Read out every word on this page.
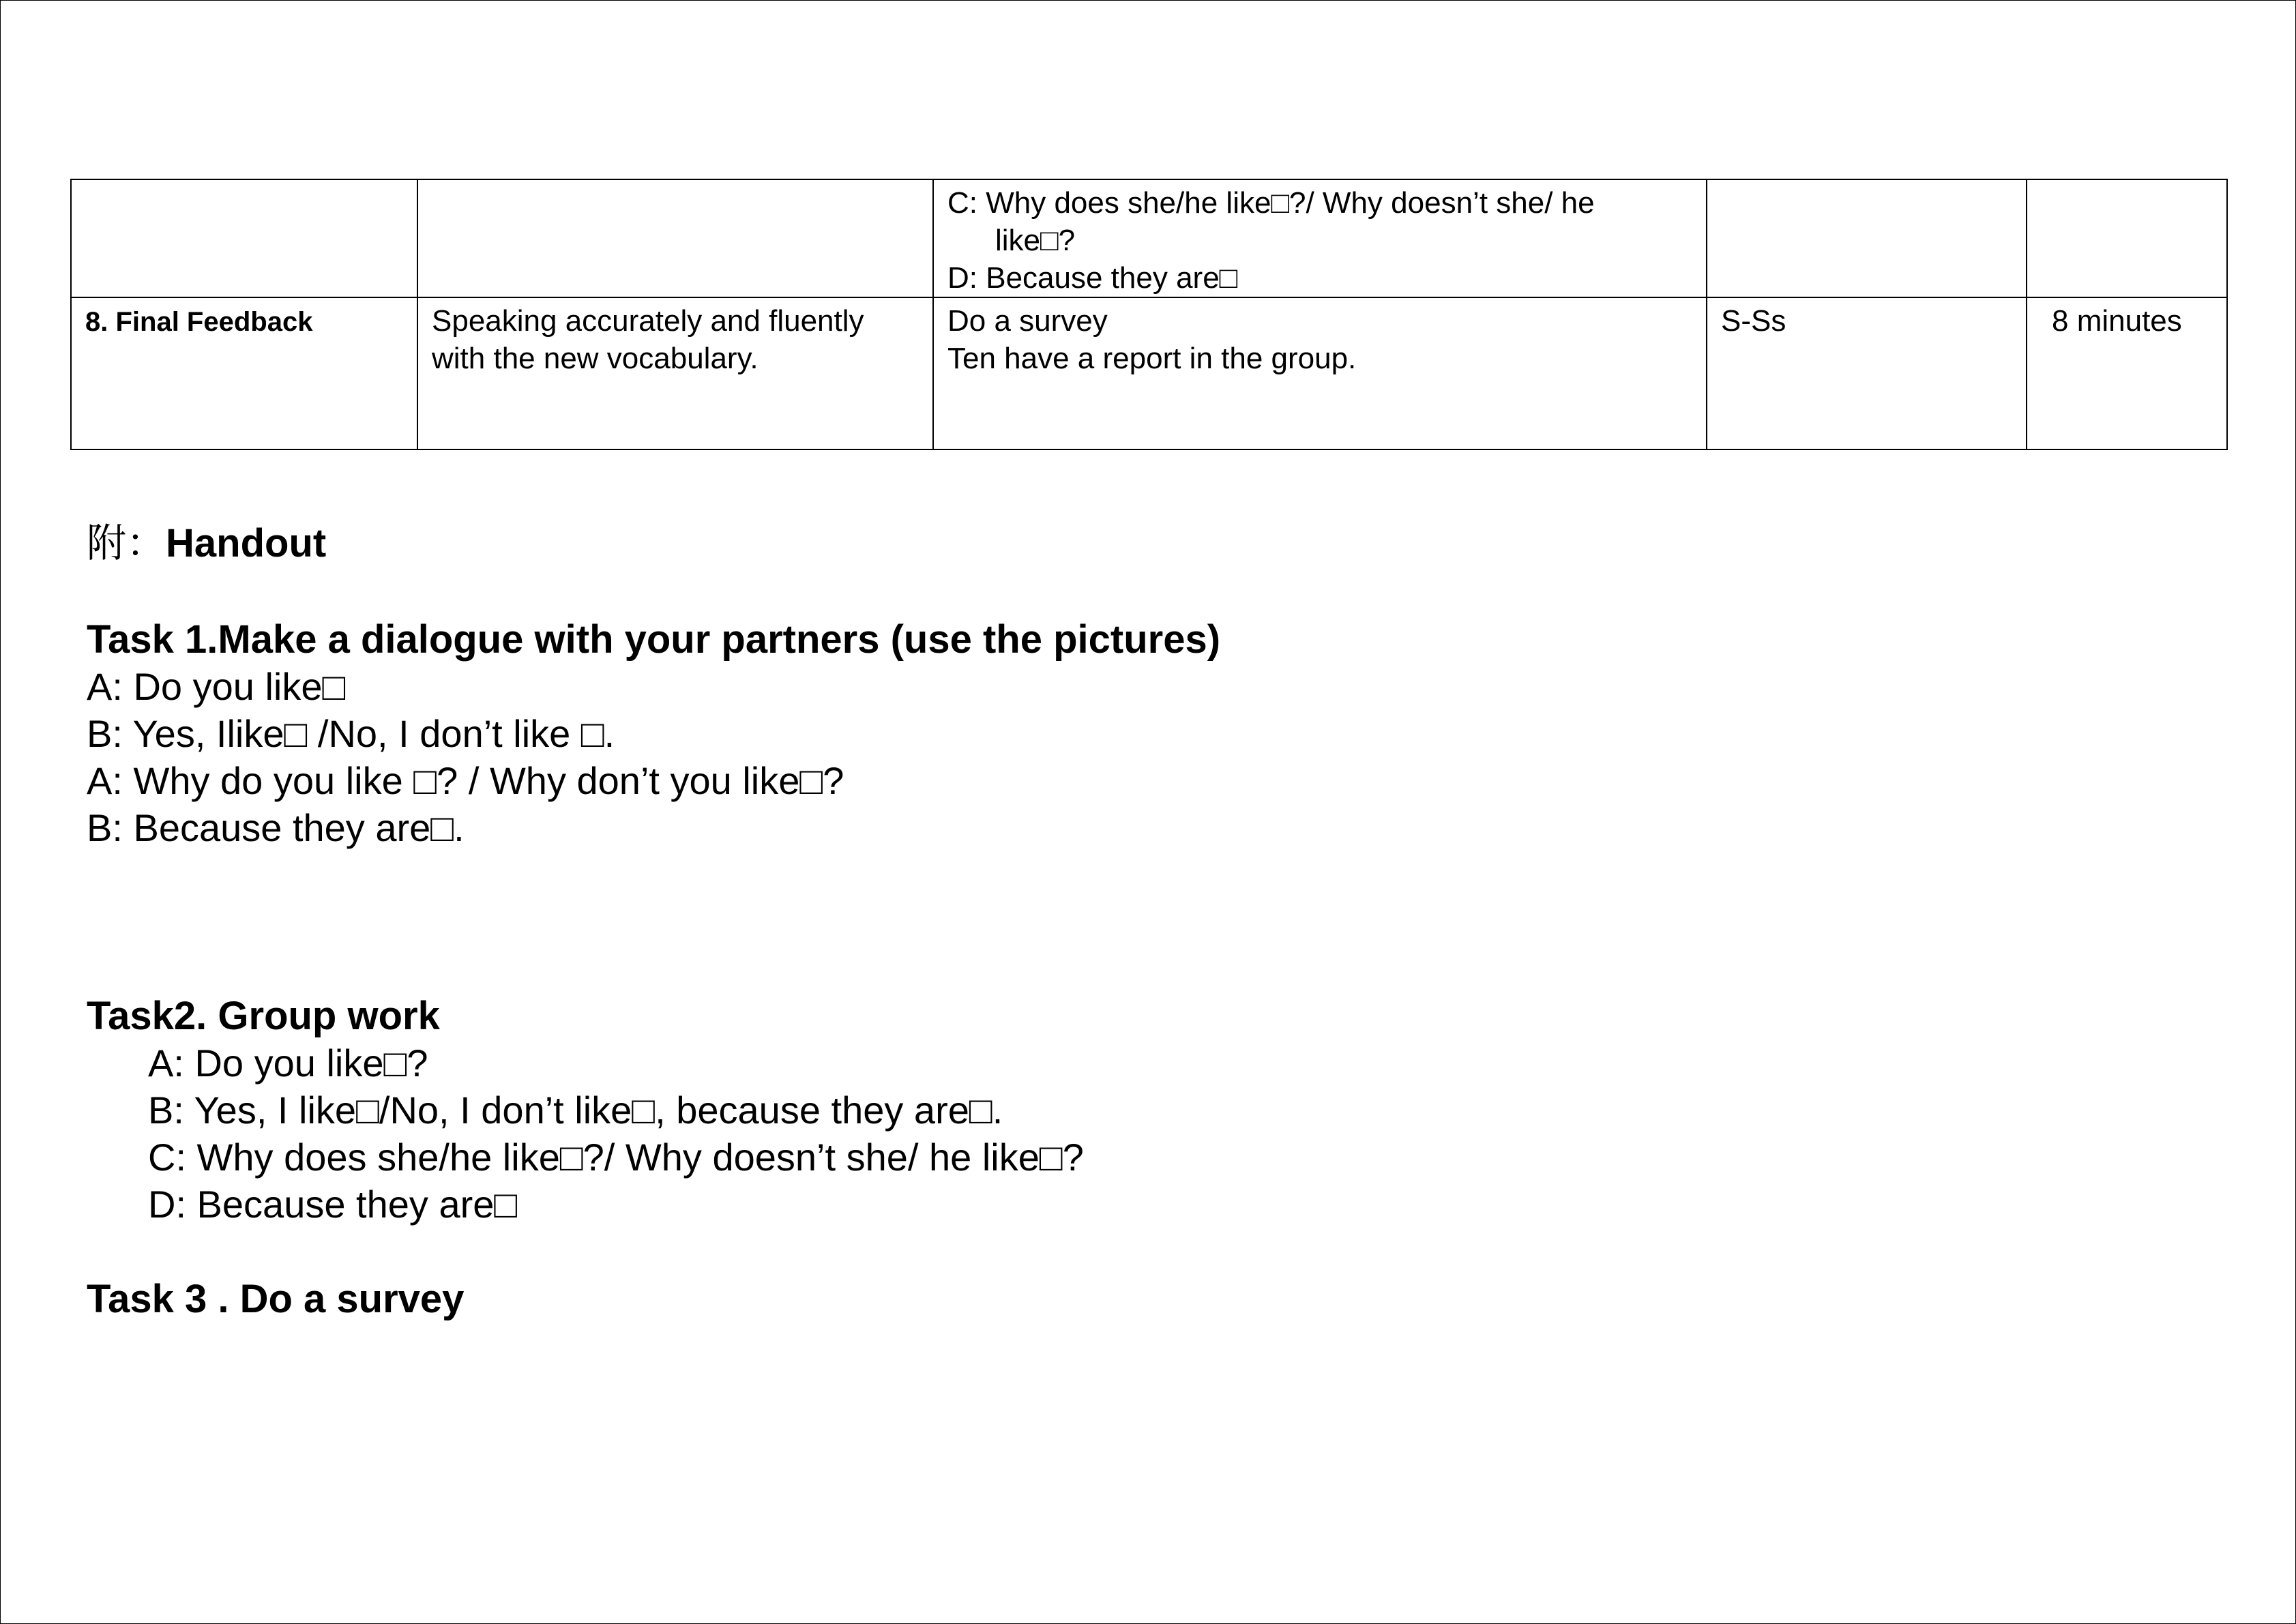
		C: Why does she/he like□?/ Why doesn’t she/ he
like□?
D: Because they are□		

8. Final Feedback	Speaking accurately and fluently with the new vocabulary.	Do a survey
Ten have a report in the group.	S-Ss	8 minutes

附：Handout

Task 1.Make a dialogue with your partners (use the pictures)

A: Do you like□

B: Yes, Ilike□ /No, I don’t like □.

A: Why do you like □? / Why don’t you like□?

B: Because they are□.

Task2. Group work

A: Do you like□?

B: Yes, I like□/No, I don’t like□, because they are□.

C: Why does she/he like□?/ Why doesn’t she/ he like□?

D: Because they are□

Task 3 . Do a survey
